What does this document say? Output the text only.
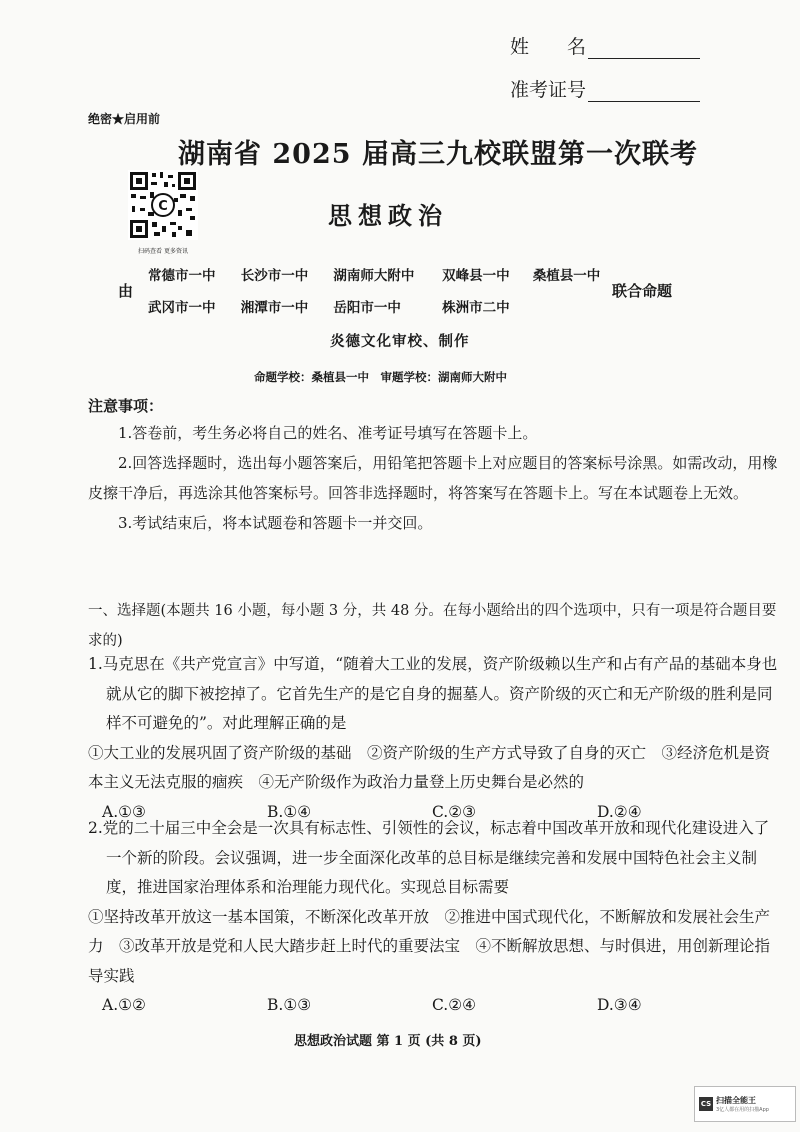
姓　　名
准考证号
绝密★启用前
湖南省 2025 届高三九校联盟第一次联考
C
扫码查看 更多资讯
思想政治
由
常德市一中 长沙市一中 湖南师大附中 双峰县一中 桑植县一中
武冈市一中 湘潭市一中 岳阳市一中	株洲市二中
联合命题
炎德文化审校、制作
命题学校：桑植县一中　审题学校：湖南师大附中
注意事项：

1.答卷前，考生务必将自己的姓名、准考证号填写在答题卡上。

2.回答选择题时，选出每小题答案后，用铅笔把答题卡上对应题目的答案标号涂黑。如需改动，用橡皮擦干净后，再选涂其他答案标号。回答非选择题时，将答案写在答题卡上。写在本试题卷上无效。

3.考试结束后，将本试题卷和答题卡一并交回。

一、选择题(本题共 16 小题，每小题 3 分，共 48 分。在每小题给出的四个选项中，只有一项是符合题目要求的)

1.马克思在《共产党宣言》中写道，“随着大工业的发展，资产阶级赖以生产和占有产品的基础本身也就从它的脚下被挖掉了。它首先生产的是它自身的掘墓人。资产阶级的灭亡和无产阶级的胜利是同样不可避免的”。对此理解正确的是

①大工业的发展巩固了资产阶级的基础　②资产阶级的生产方式导致了自身的灭亡　③经济危机是资本主义无法克服的痼疾　④无产阶级作为政治力量登上历史舞台是必然的

A.①③	B.①④	C.②③	D.②④

2.党的二十届三中全会是一次具有标志性、引领性的会议，标志着中国改革开放和现代化建设进入了一个新的阶段。会议强调，进一步全面深化改革的总目标是继续完善和发展中国特色社会主义制度，推进国家治理体系和治理能力现代化。实现总目标需要

①坚持改革开放这一基本国策，不断深化改革开放　②推进中国式现代化，不断解放和发展社会生产力　③改革开放是党和人民大踏步赶上时代的重要法宝　④不断解放思想、与时俱进，用创新理论指导实践

A.①②	B.①③	C.②④	D.③④
思想政治试题 第 1 页 (共 8 页)
CS 扫描全能王
3亿人都在用的扫描App
